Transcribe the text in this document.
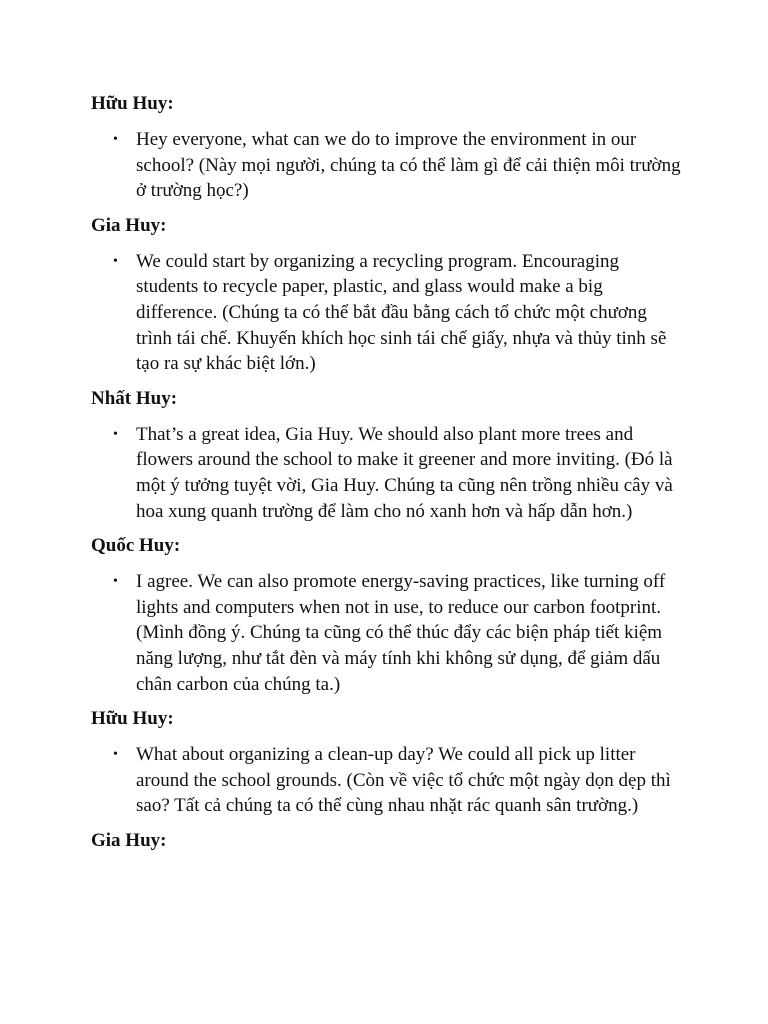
Hữu Huy:

• Hey everyone, what can we do to improve the environment in our school? (Này mọi người, chúng ta có thể làm gì để cải thiện môi trường ở trường học?)

Gia Huy:

• We could start by organizing a recycling program. Encouraging students to recycle paper, plastic, and glass would make a big difference. (Chúng ta có thể bắt đầu bằng cách tổ chức một chương trình tái chế. Khuyến khích học sinh tái chế giấy, nhựa và thủy tinh sẽ tạo ra sự khác biệt lớn.)

Nhất Huy:

• That’s a great idea, Gia Huy. We should also plant more trees and flowers around the school to make it greener and more inviting. (Đó là một ý tưởng tuyệt vời, Gia Huy. Chúng ta cũng nên trồng nhiều cây và hoa xung quanh trường để làm cho nó xanh hơn và hấp dẫn hơn.)

Quốc Huy:

• I agree. We can also promote energy-saving practices, like turning off lights and computers when not in use, to reduce our carbon footprint. (Mình đồng ý. Chúng ta cũng có thể thúc đẩy các biện pháp tiết kiệm năng lượng, như tắt đèn và máy tính khi không sử dụng, để giảm dấu chân carbon của chúng ta.)

Hữu Huy:

• What about organizing a clean-up day? We could all pick up litter around the school grounds. (Còn về việc tổ chức một ngày dọn dẹp thì sao? Tất cả chúng ta có thể cùng nhau nhặt rác quanh sân trường.)

Gia Huy:
